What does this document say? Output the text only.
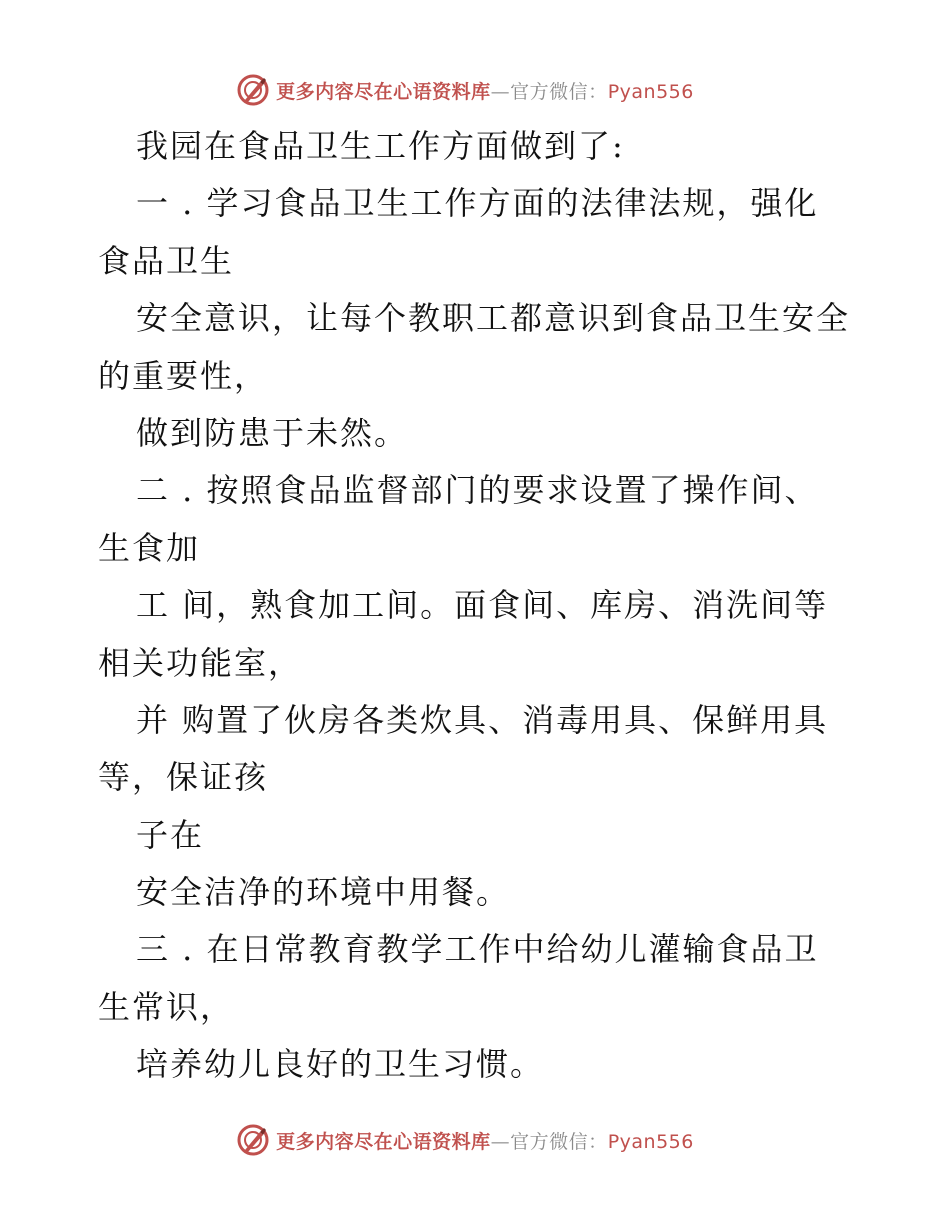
更多内容尽在心语资料库—官方微信：Pyan556
我园在食品卫生工作方面做到了:
一 . 学习食品卫生工作方面的法律法规，强化
食品卫生
安全意识，让每个教职工都意识到食品卫生安全
的重要性，
做到防患于未然。
二 . 按照食品监督部门的要求设置了操作间、
生食加
工 间，熟食加工间。面食间、库房、消洗间等
相关功能室，
并 购置了伙房各类炊具、消毒用具、保鲜用具
等，保证孩
子在
安全洁净的环境中用餐。
三 . 在日常教育教学工作中给幼儿灌输食品卫
生常识，
培养幼儿良好的卫生习惯。
更多内容尽在心语资料库—官方微信：Pyan556
